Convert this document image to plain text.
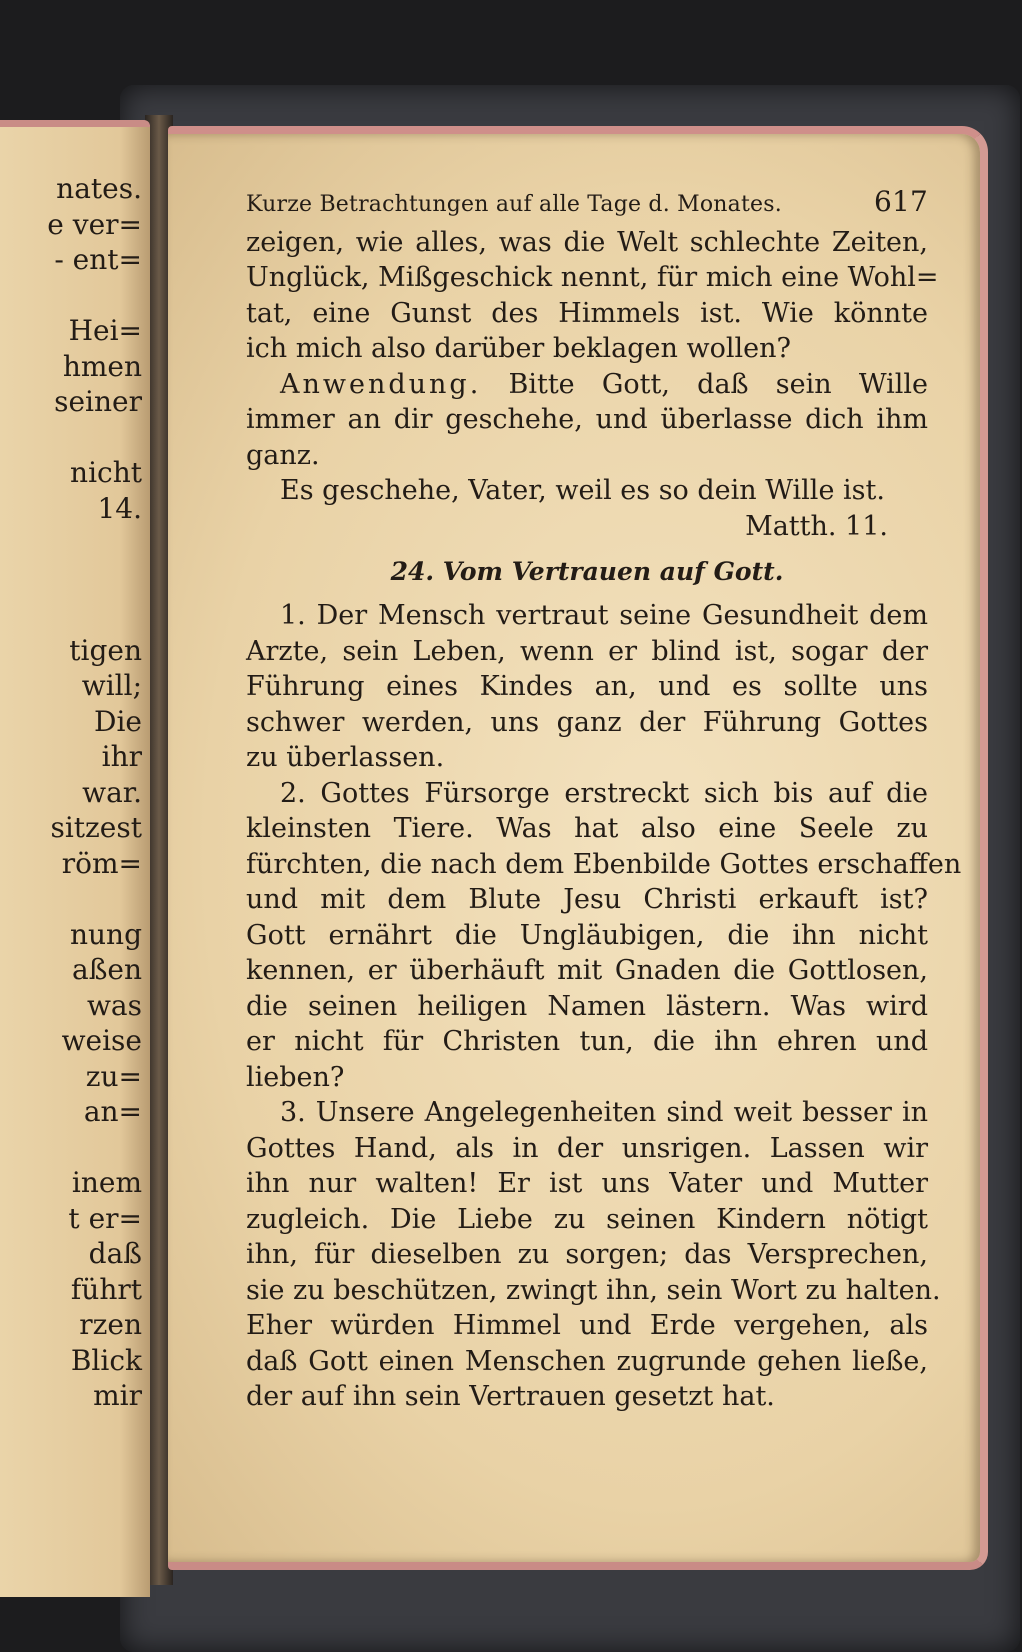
nates.
e ver=
- ent=
Hei=
hmen
seiner
nicht
14.
tigen
will;
Die
ihr
war.
sitzest
röm=
nung
aßen
was
weise
zu=
an=
inem
t er=
daß
führt
rzen
Blick
mir
Kurze Betrachtungen auf alle Tage d. Monates.	617
zeigen, wie alles, was die Welt schlechte Zeiten,
Unglück, Mißgeschick nennt, für mich eine Wohl=
tat, eine Gunst des Himmels ist. Wie könnte
ich mich also darüber beklagen wollen?
Anwendung. Bitte Gott, daß sein Wille
immer an dir geschehe, und überlasse dich ihm
ganz.
Es geschehe, Vater, weil es so dein Wille ist.
Matth. 11.
24. Vom Vertrauen auf Gott.
1. Der Mensch vertraut seine Gesundheit dem
Arzte, sein Leben, wenn er blind ist, sogar der
Führung eines Kindes an, und es sollte uns
schwer werden, uns ganz der Führung Gottes
zu überlassen.
2. Gottes Fürsorge erstreckt sich bis auf die
kleinsten Tiere. Was hat also eine Seele zu
fürchten, die nach dem Ebenbilde Gottes erschaffen
und mit dem Blute Jesu Christi erkauft ist?
Gott ernährt die Ungläubigen, die ihn nicht
kennen, er überhäuft mit Gnaden die Gottlosen,
die seinen heiligen Namen lästern. Was wird
er nicht für Christen tun, die ihn ehren und
lieben?
3. Unsere Angelegenheiten sind weit besser in
Gottes Hand, als in der unsrigen. Lassen wir
ihn nur walten! Er ist uns Vater und Mutter
zugleich. Die Liebe zu seinen Kindern nötigt
ihn, für dieselben zu sorgen; das Versprechen,
sie zu beschützen, zwingt ihn, sein Wort zu halten.
Eher würden Himmel und Erde vergehen, als
daß Gott einen Menschen zugrunde gehen ließe,
der auf ihn sein Vertrauen gesetzt hat.
